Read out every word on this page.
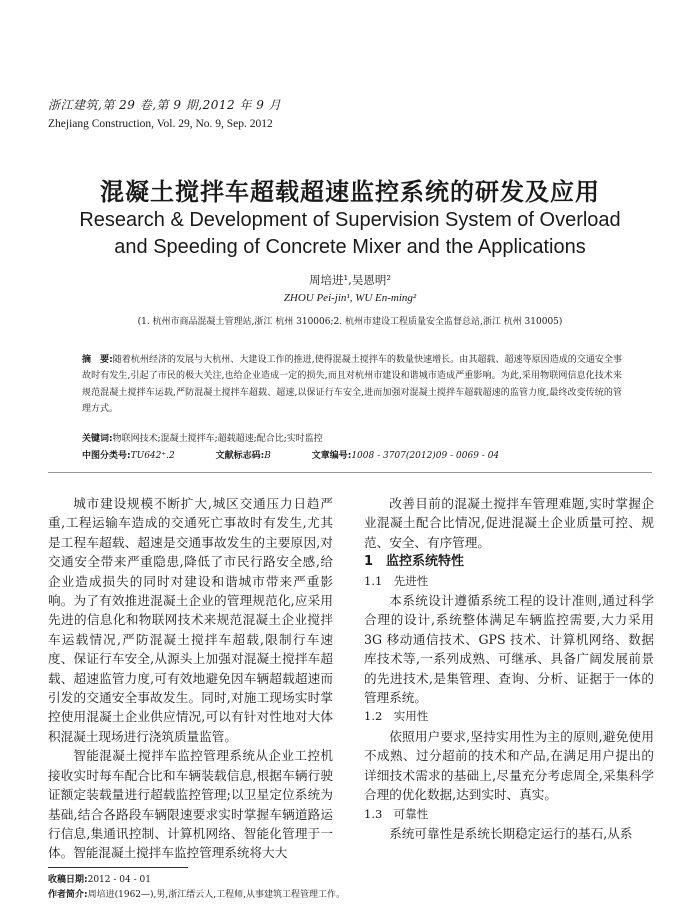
浙江建筑,第 29 卷,第 9 期,2012 年 9 月
Zhejiang Construction, Vol. 29, No. 9, Sep. 2012
混凝土搅拌车超载超速监控系统的研发及应用
Research & Development of Supervision System of Overload and Speeding of Concrete Mixer and the Applications
周培进¹,吴恩明²
ZHOU Pei-jin¹, WU En-ming²
(1. 杭州市商品混凝土管理站,浙江 杭州 310006;2. 杭州市建设工程质量安全监督总站,浙江 杭州 310005)
摘　要:随着杭州经济的发展与大杭州、大建设工作的推进,使得混凝土搅拌车的数量快速增长。由其超载、超速等原因造成的交通安全事故时有发生,引起了市民的极大关注,也给企业造成一定的损失,而且对杭州市建设和谐城市造成严重影响。为此,采用物联网信息化技术来规范混凝土搅拌车运载,严防混凝土搅拌车超载、超速,以保证行车安全,进而加强对混凝土搅拌车超载超速的监管力度,最终改变传统的管理方式。
关键词:物联网技术;混凝土搅拌车;超载超速;配合比;实时监控
中图分类号:TU642⁺.2	文献标志码:B	文章编号:1008 - 3707(2012)09 - 0069 - 04

城市建设规模不断扩大,城区交通压力日趋严重,工程运输车造成的交通死亡事故时有发生,尤其是工程车超载、超速是交通事故发生的主要原因,对交通安全带来严重隐患,降低了市民行路安全感,给企业造成损失的同时对建设和谐城市带来严重影响。为了有效推进混凝土企业的管理规范化,应采用先进的信息化和物联网技术来规范混凝土企业搅拌车运载情况,严防混凝土搅拌车超载,限制行车速度、保证行车安全,从源头上加强对混凝土搅拌车超载、超速监管力度,可有效地避免因车辆超载超速而引发的交通安全事故发生。同时,对施工现场实时掌控使用混凝土企业供应情况,可以有针对性地对大体积混凝土现场进行浇筑质量监管。

智能混凝土搅拌车监控管理系统从企业工控机接收实时每车配合比和车辆装载信息,根据车辆行驶证额定装载量进行超载监控管理;以卫星定位系统为基础,结合各路段车辆限速要求实时掌握车辆道路运行信息,集通讯控制、计算机网络、智能化管理于一体。智能混凝土搅拌车监控管理系统将大大

改善目前的混凝土搅拌车管理难题,实时掌握企业混凝土配合比情况,促进混凝土企业质量可控、规范、安全、有序管理。

1　监控系统特性

1.1　先进性

本系统设计遵循系统工程的设计准则,通过科学合理的设计,系统整体满足车辆监控需要,大力采用 3G 移动通信技术、GPS 技术、计算机网络、数据库技术等,一系列成熟、可继承、具备广阔发展前景的先进技术,是集管理、查询、分析、证据于一体的管理系统。

1.2　实用性

依照用户要求,坚持实用性为主的原则,避免使用不成熟、过分超前的技术和产品,在满足用户提出的详细技术需求的基础上,尽量充分考虑周全,采集科学合理的优化数据,达到实时、真实。

1.3　可靠性

系统可靠性是系统长期稳定运行的基石,从系

收稿日期:2012 - 04 - 01
作者简介:周培进(1962—),男,浙江缙云人,工程师,从事建筑工程管理工作。
